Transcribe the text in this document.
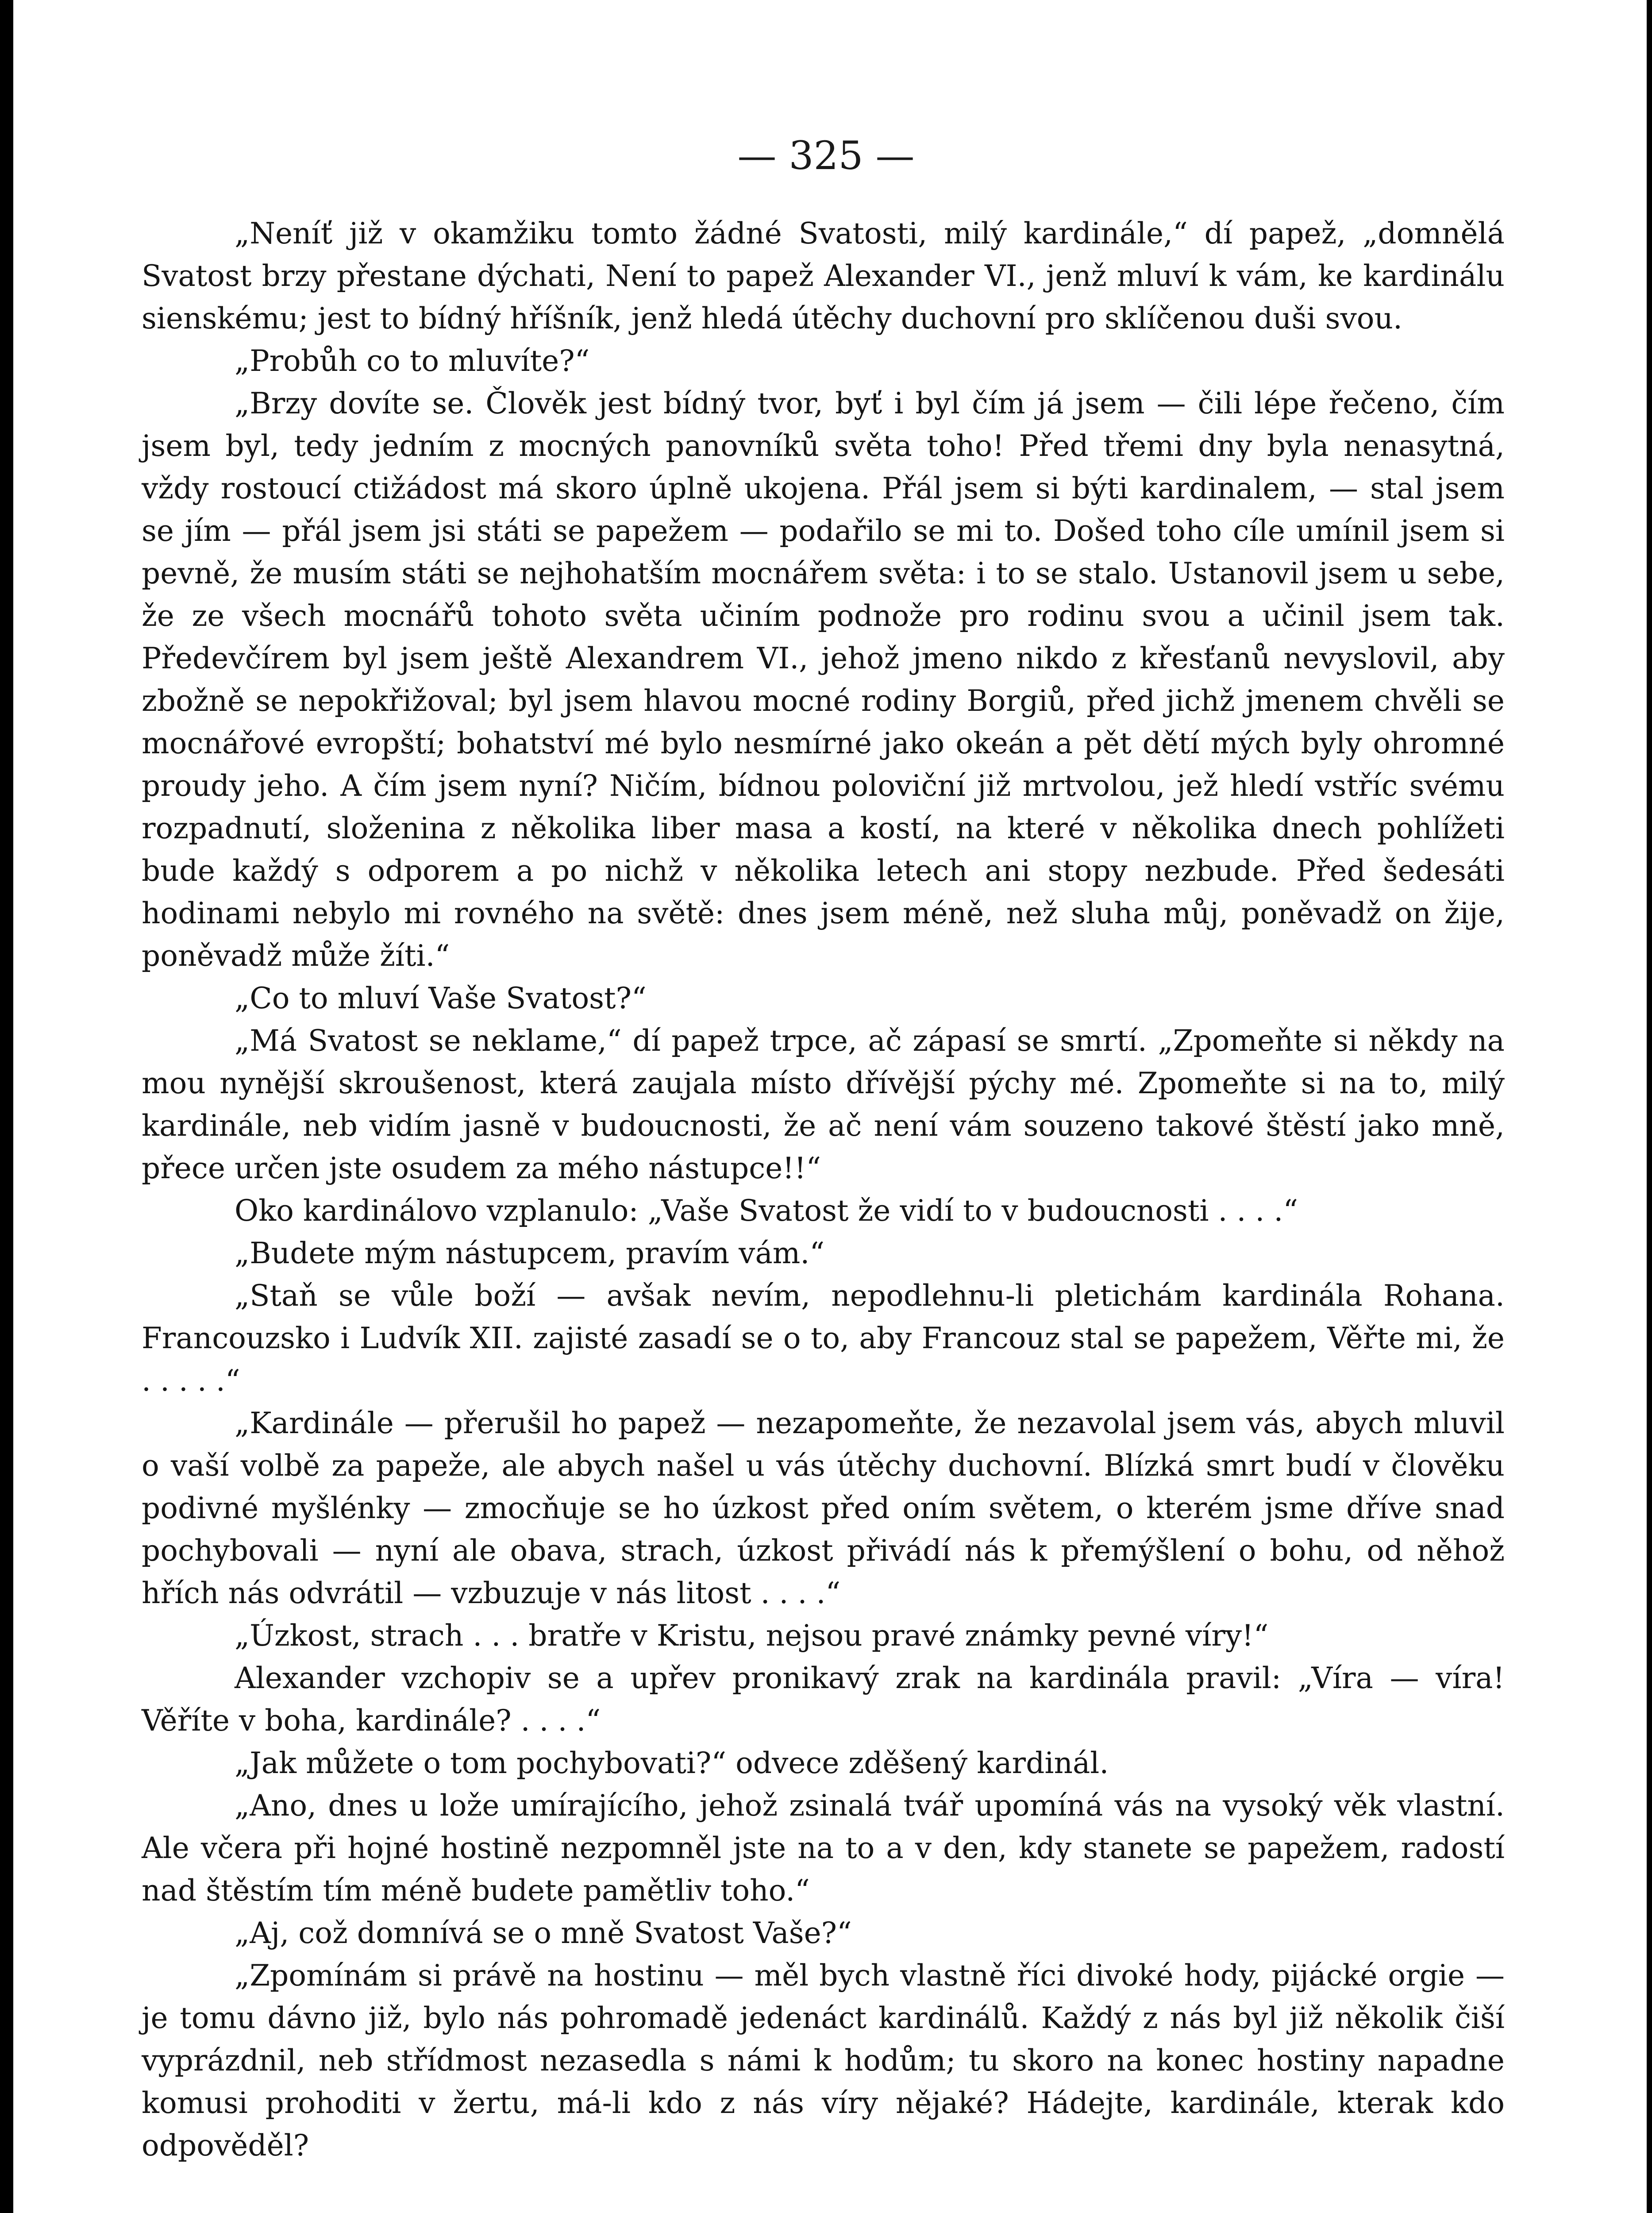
— 325 —

„Neníť již v okamžiku tomto žádné Svatosti, milý kardinále,“ dí papež, „domnělá Svatost brzy přestane dýchati, Není to papež Alexander VI., jenž mluví k vám, ke kardinálu sienskému; jest to bídný hříšník, jenž hledá útěchy duchovní pro sklíčenou duši svou.

„Probůh co to mluvíte?“

„Brzy dovíte se. Člověk jest bídný tvor, byť i byl čím já jsem — čili lépe řečeno, čím jsem byl, tedy jedním z mocných panovníků světa toho! Před třemi dny byla nenasytná, vždy rostoucí ctižádost má skoro úplně ukojena. Přál jsem si býti kardinalem, — stal jsem se jím — přál jsem jsi státi se papežem — podařilo se mi to. Došed toho cíle umínil jsem si pevně, že musím státi se nejhohatším mocnářem světa: i to se stalo. Ustanovil jsem u sebe, že ze všech mocnářů tohoto světa učiním podnože pro rodinu svou a učinil jsem tak. Předevčírem byl jsem ještě Alexandrem VI., jehož jmeno nikdo z křesťanů nevyslovil, aby zbožně se nepokřižoval; byl jsem hlavou mocné rodiny Borgiů, před jichž jmenem chvěli se mocnářové evropští; bohatství mé bylo nesmírné jako okeán a pět dětí mých byly ohromné proudy jeho. A čím jsem nyní? Ničím, bídnou poloviční již mrtvolou, jež hledí vstříc svému rozpadnutí, složenina z několika liber masa a kostí, na které v několika dnech pohlížeti bude každý s odporem a po nichž v několika letech ani stopy nezbude. Před šedesáti hodinami nebylo mi rovného na světě: dnes jsem méně, než sluha můj, poněvadž on žije, poněvadž může žíti.“

„Co to mluví Vaše Svatost?“

„Má Svatost se neklame,“ dí papež trpce, ač zápasí se smrtí. „Zpomeňte si někdy na mou nynější skroušenost, která zaujala místo dřívější pýchy mé. Zpomeňte si na to, milý kardinále, neb vidím jasně v budoucnosti, že ač není vám souzeno takové štěstí jako mně, přece určen jste osudem za mého nástupce!!“

Oko kardinálovo vzplanulo: „Vaše Svatost že vidí to v budoucnosti . . . .“

„Budete mým nástupcem, pravím vám.“

„Staň se vůle boží — avšak nevím, nepodlehnu-li pletichám kardinála Rohana. Francouzsko i Ludvík XII. zajisté zasadí se o to, aby Francouz stal se papežem, Věřte mi, že . . . . .“

„Kardinále — přerušil ho papež — nezapomeňte, že nezavolal jsem vás, abych mluvil o vaší volbě za papeže, ale abych našel u vás útěchy duchovní. Blízká smrt budí v člověku podivné myšlénky — zmocňuje se ho úzkost před oním světem, o kterém jsme dříve snad pochybovali — nyní ale obava, strach, úzkost přivádí nás k přemýšlení o bohu, od něhož hřích nás odvrátil — vzbuzuje v nás litost . . . .“

„Úzkost, strach . . . bratře v Kristu, nejsou pravé známky pevné víry!“

Alexander vzchopiv se a upřev pronikavý zrak na kardinála pravil: „Víra — víra! Věříte v boha, kardinále? . . . .“

„Jak můžete o tom pochybovati?“ odvece zděšený kardinál.

„Ano, dnes u lože umírajícího, jehož zsinalá tvář upomíná vás na vysoký věk vlastní. Ale včera při hojné hostině nezpomněl jste na to a v den, kdy stanete se papežem, radostí nad štěstím tím méně budete pamětliv toho.“

„Aj, což domnívá se o mně Svatost Vaše?“

„Zpomínám si právě na hostinu — měl bych vlastně říci divoké hody, pijácké orgie — je tomu dávno již, bylo nás pohromadě jedenáct kardinálů. Každý z nás byl již několik čiší vyprázdnil, neb střídmost nezasedla s námi k hodům; tu skoro na konec hostiny napadne komusi prohoditi v žertu, má-li kdo z nás víry nějaké? Hádejte, kardinále, kterak kdo odpověděl?
